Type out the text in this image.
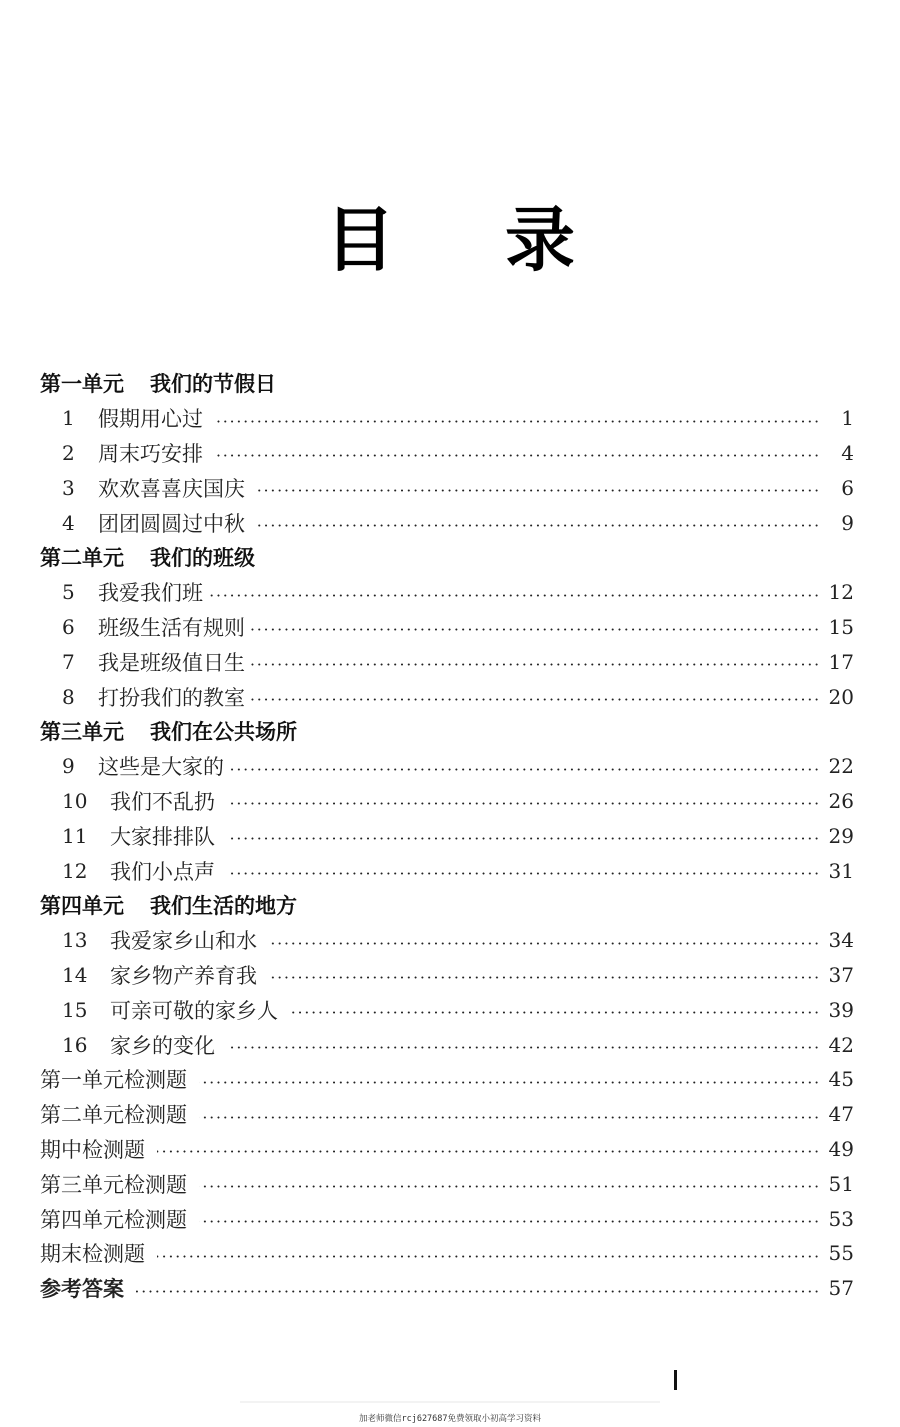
目 录
第一单元 我们的节假日
1	假期用心过	1
2	周末巧安排	4
3	欢欢喜喜庆国庆	6
4	团团圆圆过中秋	9
第二单元 我们的班级
5	我爱我们班	12
6	班级生活有规则	15
7	我是班级值日生	17
8	打扮我们的教室	20
第三单元 我们在公共场所
9	这些是大家的	22
10	我们不乱扔	26
11	大家排排队	29
12	我们小点声	31
第四单元 我们生活的地方
13	我爱家乡山和水	34
14	家乡物产养育我	37
15	可亲可敬的家乡人	39
16	家乡的变化	42
第一单元检测题	45
第二单元检测题	47
期中检测题	49
第三单元检测题	51
第四单元检测题	53
期末检测题	55
参考答案	57
加老师微信rcj627687免费领取小初高学习资料
